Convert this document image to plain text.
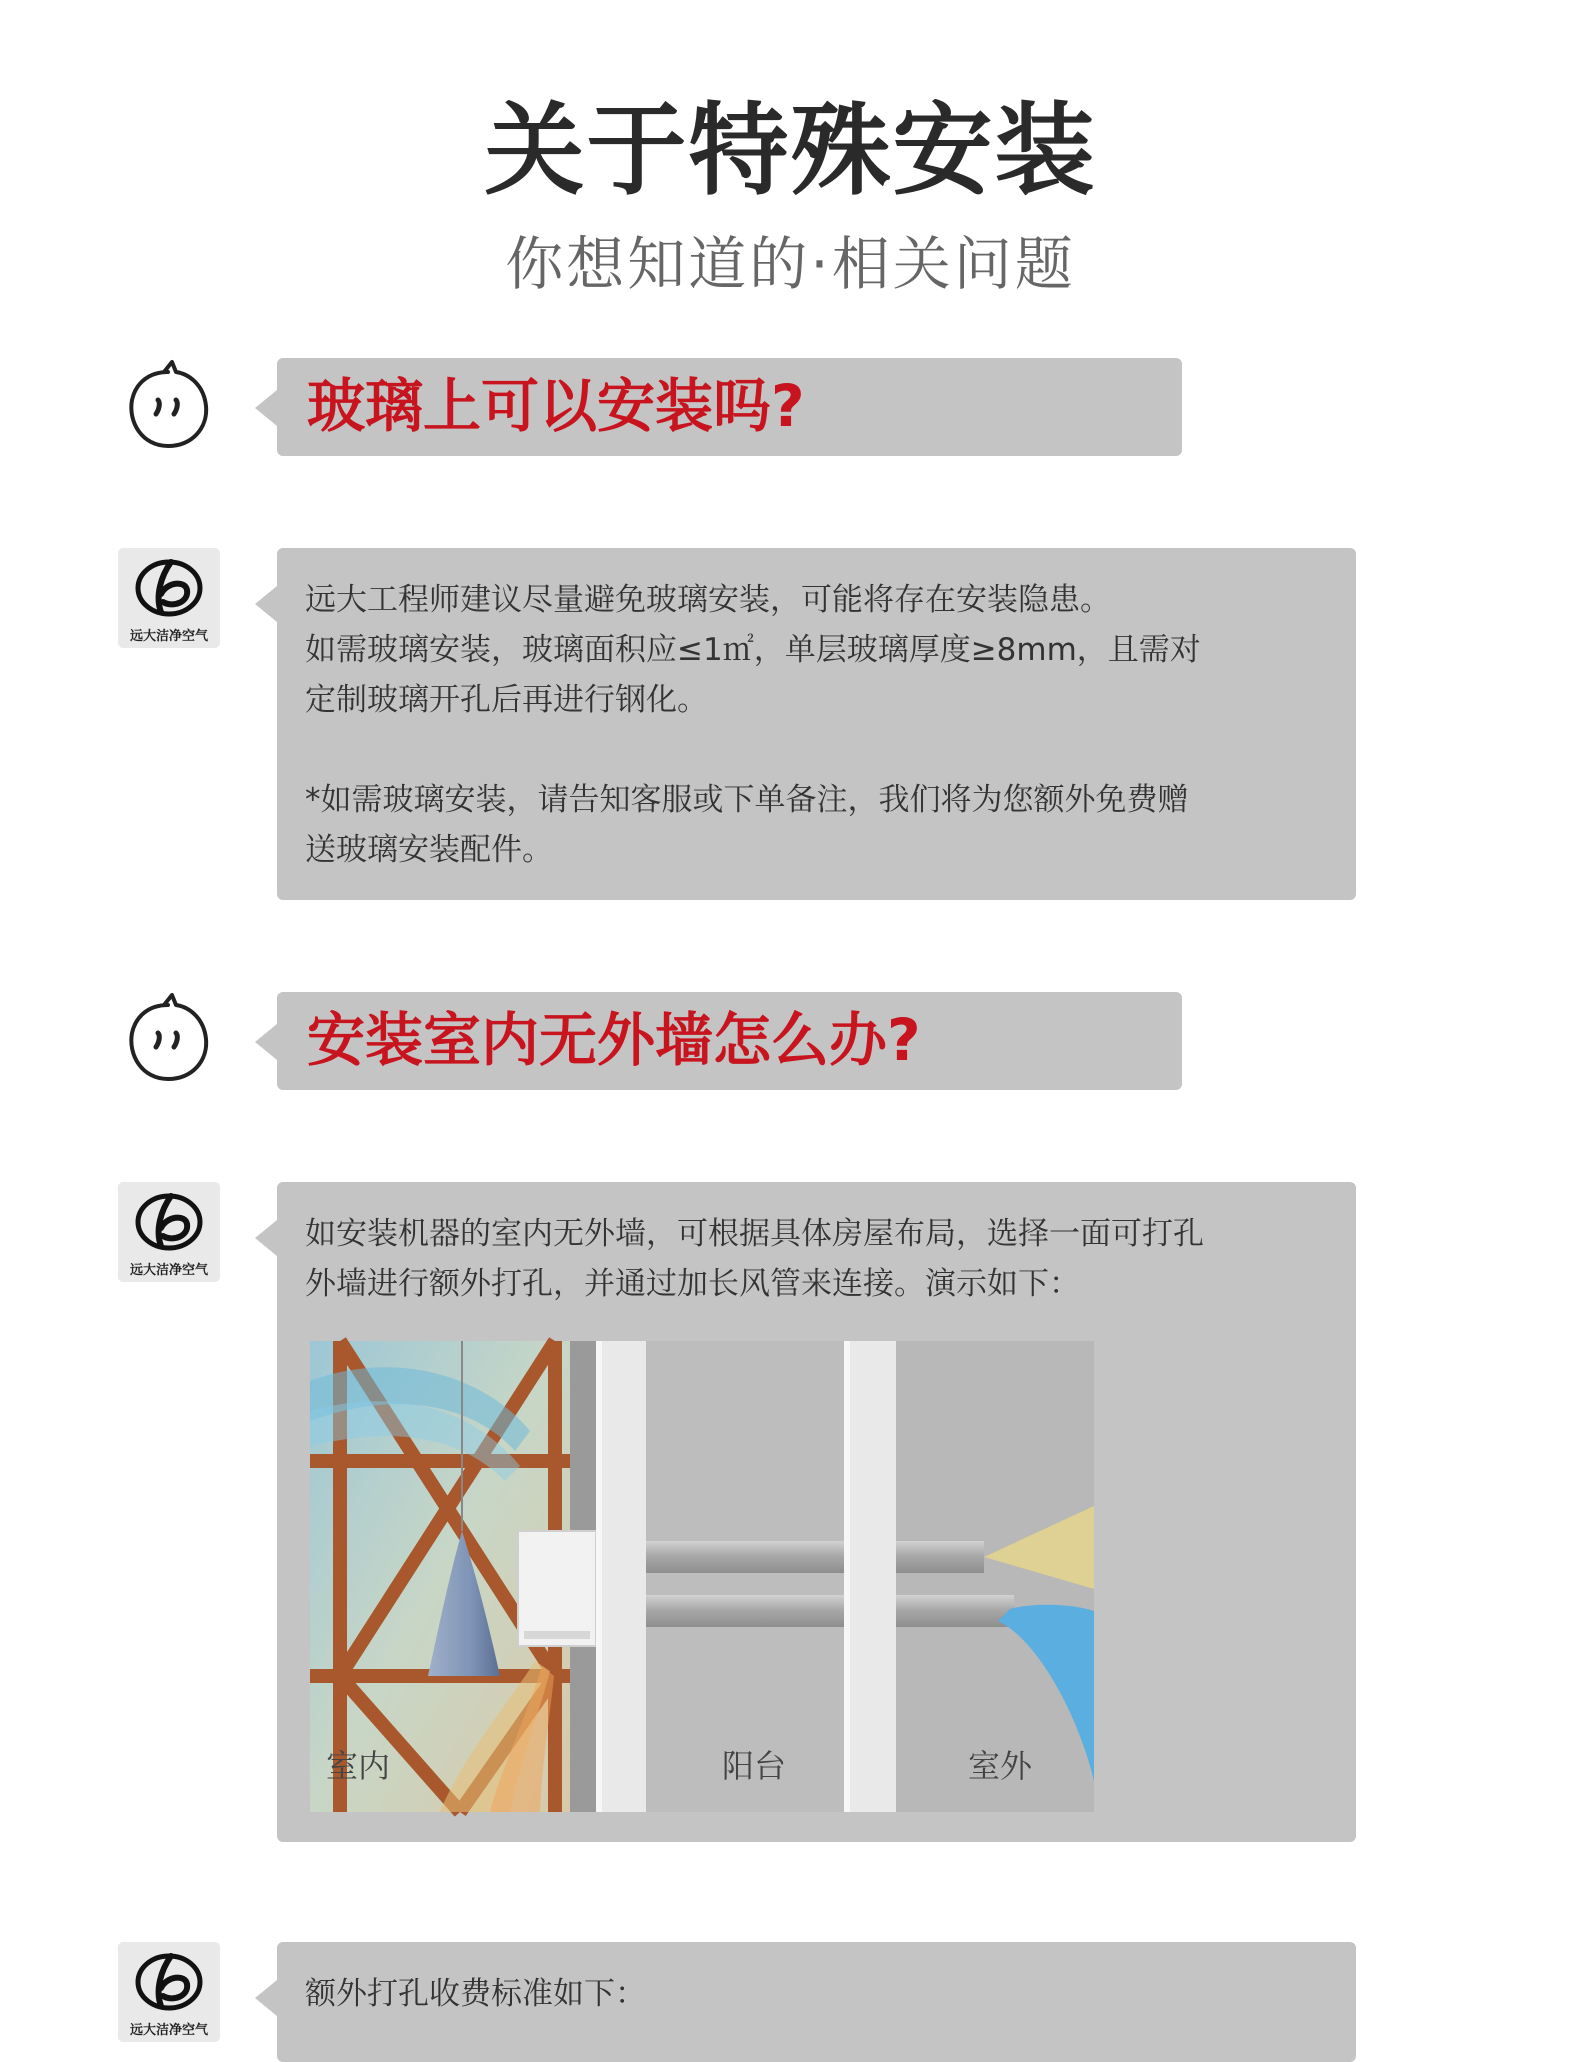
关于特殊安装
你想知道的·相关问题
玻璃上可以安装吗?
远大洁净空气
远大工程师建议尽量避免玻璃安装，可能将存在安装隐患。
如需玻璃安装，玻璃面积应≤1㎡，单层玻璃厚度≥8mm，且需对
定制玻璃开孔后再进行钢化。
*如需玻璃安装，请告知客服或下单备注，我们将为您额外免费赠
送玻璃安装配件。
安装室内无外墙怎么办?
远大洁净空气
如安装机器的室内无外墙，可根据具体房屋布局，选择一面可打孔
外墙进行额外打孔，并通过加长风管来连接。演示如下：
室内	阳台	室外
远大洁净空气
额外打孔收费标准如下：
